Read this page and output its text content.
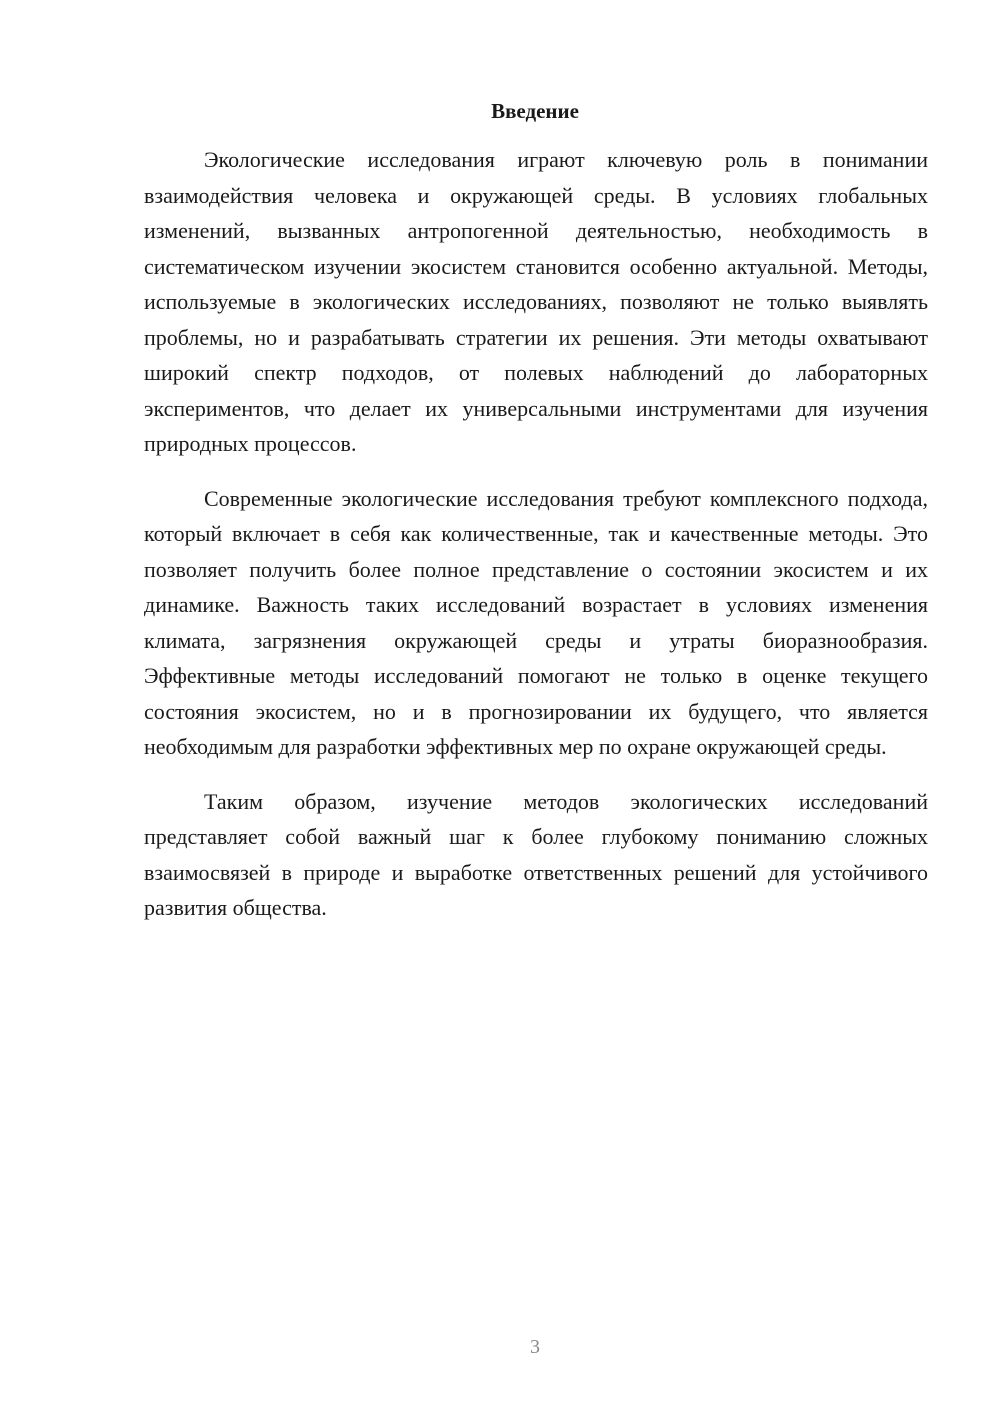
Введение

Экологические исследования играют ключевую роль в понимании взаимодействия человека и окружающей среды. В условиях глобальных изменений, вызванных антропогенной деятельностью, необходимость в систематическом изучении экосистем становится особенно актуальной. Методы, используемые в экологических исследованиях, позволяют не только выявлять проблемы, но и разрабатывать стратегии их решения. Эти методы охватывают широкий спектр подходов, от полевых наблюдений до лабораторных экспериментов, что делает их универсальными инструментами для изучения природных процессов.

Современные экологические исследования требуют комплексного подхода, который включает в себя как количественные, так и качественные методы. Это позволяет получить более полное представление о состоянии экосистем и их динамике. Важность таких исследований возрастает в условиях изменения климата, загрязнения окружающей среды и утраты биоразнообразия. Эффективные методы исследований помогают не только в оценке текущего состояния экосистем, но и в прогнозировании их будущего, что является необходимым для разработки эффективных мер по охране окружающей среды.

Таким образом, изучение методов экологических исследований представляет собой важный шаг к более глубокому пониманию сложных взаимосвязей в природе и выработке ответственных решений для устойчивого развития общества.

3
